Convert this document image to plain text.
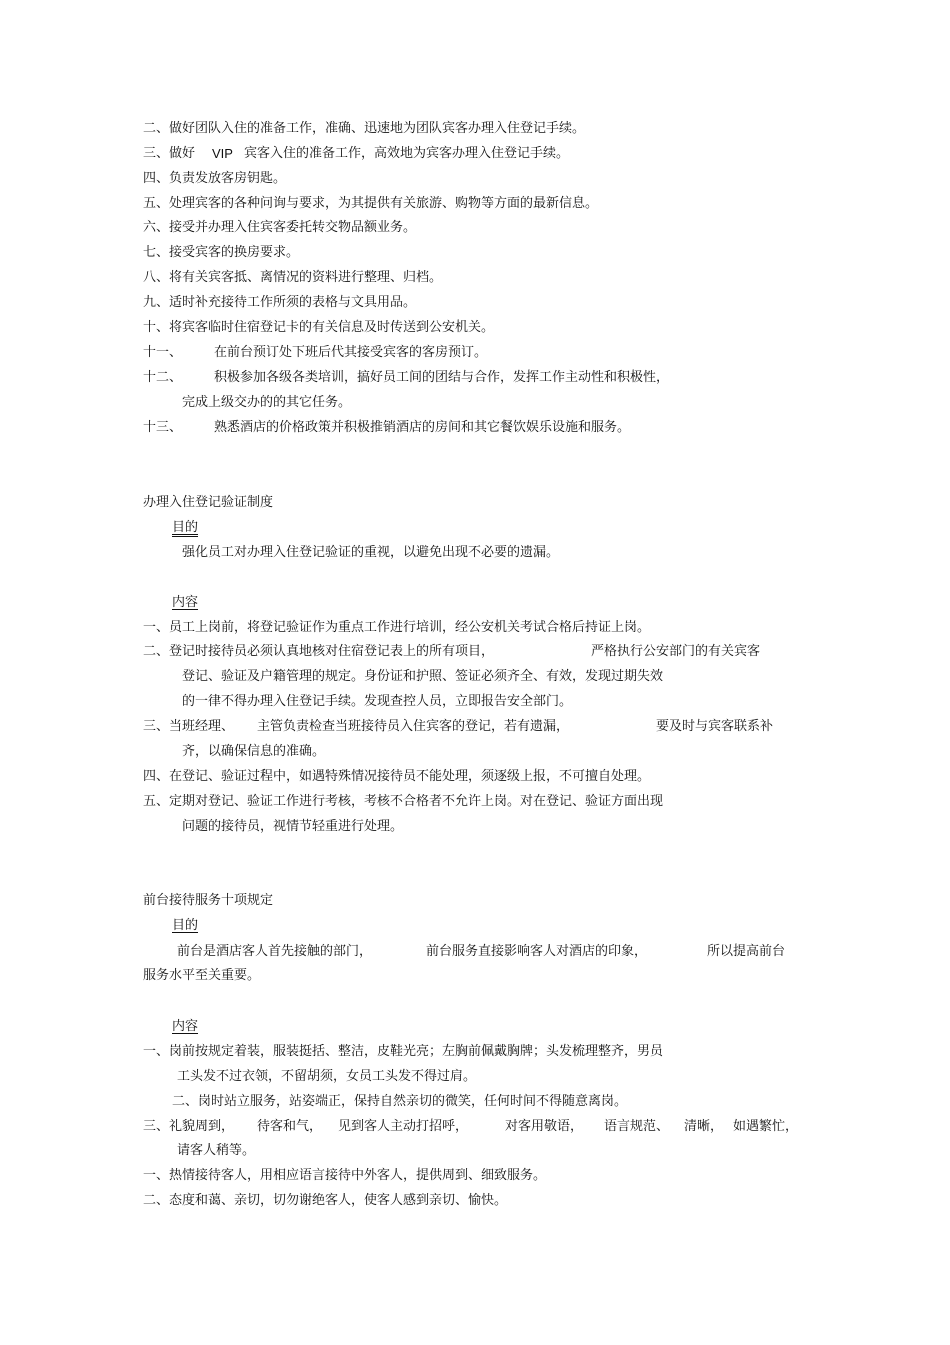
二、做好团队入住的准备工作，准确、迅速地为团队宾客办理入住登记手续。
三、做好 VIP 宾客入住的准备工作，高效地为宾客办理入住登记手续。
四、负责发放客房钥匙。
五、处理宾客的各种问询与要求，为其提供有关旅游、购物等方面的最新信息。
六、接受并办理入住宾客委托转交物品额业务。
七、接受宾客的换房要求。
八、将有关宾客抵、离情况的资料进行整理、归档。
九、适时补充接待工作所须的表格与文具用品。
十、将宾客临时住宿登记卡的有关信息及时传送到公安机关。
十一、 在前台预订处下班后代其接受宾客的客房预订。
十二、 积极参加各级各类培训，搞好员工间的团结与合作，发挥工作主动性和积极性，
完成上级交办的的其它任务。
十三、 熟悉酒店的价格政策并积极推销酒店的房间和其它餐饮娱乐设施和服务。
办理入住登记验证制度
目的
强化员工对办理入住登记验证的重视，以避免出现不必要的遗漏。
内容
一、员工上岗前，将登记验证作为重点工作进行培训，经公安机关考试合格后持证上岗。
二、登记时接待员必须认真地核对住宿登记表上的所有项目，	严格执行公安部门的有关宾客
登记、验证及户籍管理的规定。身份证和护照、签证必须齐全、有效，发现过期失效
的一律不得办理入住登记手续。发现查控人员，立即报告安全部门。
三、当班经理、 主管负责检查当班接待员入住宾客的登记，若有遗漏，	要及时与宾客联系补
齐，以确保信息的准确。
四、在登记、验证过程中，如遇特殊情况接待员不能处理，须逐级上报，不可擅自处理。
五、定期对登记、验证工作进行考核，考核不合格者不允许上岗。对在登记、验证方面出现
问题的接待员，视情节轻重进行处理。
前台接待服务十项规定
目的
前台是酒店客人首先接触的部门，	前台服务直接影响客人对酒店的印象，	所以提高前台
服务水平至关重要。
内容
一、岗前按规定着装，服装挺括、整洁，皮鞋光亮；左胸前佩戴胸牌；头发梳理整齐，男员
工头发不过衣领，不留胡须，女员工头发不得过肩。
二、岗时站立服务，站姿端正，保持自然亲切的微笑，任何时间不得随意离岗。
三、礼貌周到， 待客和气， 见到客人主动打招呼，	对客用敬语， 语言规范、 清晰， 如遇繁忙，
请客人稍等。
一、热情接待客人，用相应语言接待中外客人，提供周到、细致服务。
二、态度和蔼、亲切，切勿谢绝客人，使客人感到亲切、愉快。
